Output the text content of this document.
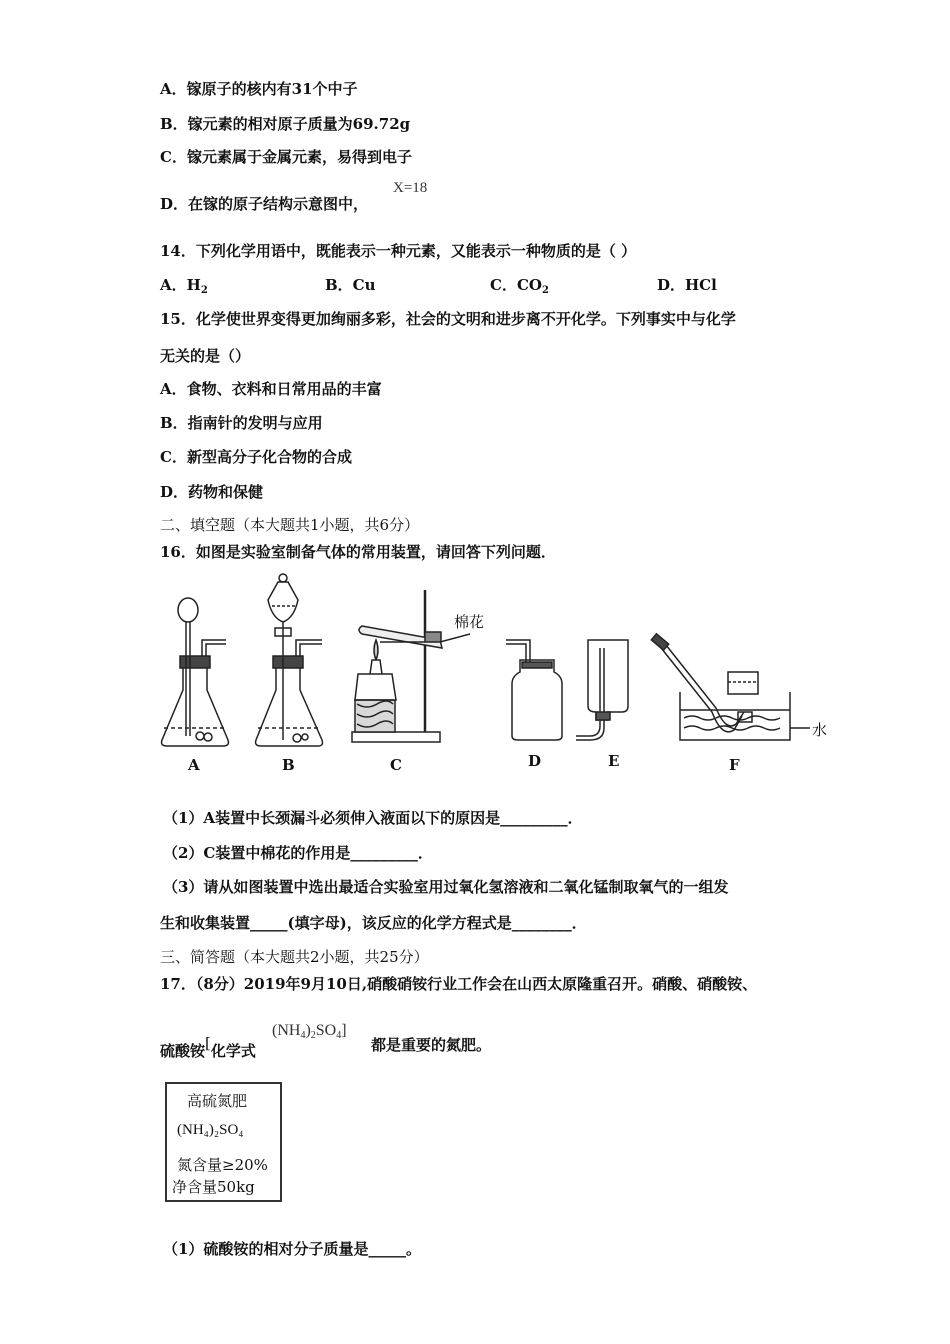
A．镓原子的核内有31个中子
B．镓元素的相对原子质量为69.72g
C．镓元素属于金属元素，易得到电子
D．在镓的原子结构示意图中，
X=18
14．下列化学用语中，既能表示一种元素，又能表示一种物质的是（ ）
A．$H_2$	B．Cu	C．$CO_2$	D．HCl
15．化学使世界变得更加绚丽多彩，社会的文明和进步离不开化学。下列事实中与化学
无关的是（）
A．食物、衣料和日常用品的丰富
B．指南针的发明与应用
C．新型高分子化合物的合成
D．药物和保健
二、填空题（本大题共1小题，共6分）
16．如图是实验室制备气体的常用装置，请回答下列问题．
棉花
水
A	B	C	D	E	F
（1）A装置中长颈漏斗必须伸入液面以下的原因是_________．
（2）C装置中棉花的作用是_________．
（3）请从如图装置中选出最适合实验室用过氧化氢溶液和二氧化锰制取氧气的一组发
生和收集装置_____(填字母)，该反应的化学方程式是________．
三、简答题（本大题共2小题，共25分）
17．（8分）2019年9月10日,硝酸硝铵行业工作会在山西太原隆重召开。硝酸、硝酸铵、
硫酸铵[化学式
$(NH_4)_2SO_4$]
都是重要的氮肥。
高硫氮肥
(NH₄)₂SO₄
氮含量≥20%
净含量50kg
（1）硫酸铵的相对分子质量是_____。
